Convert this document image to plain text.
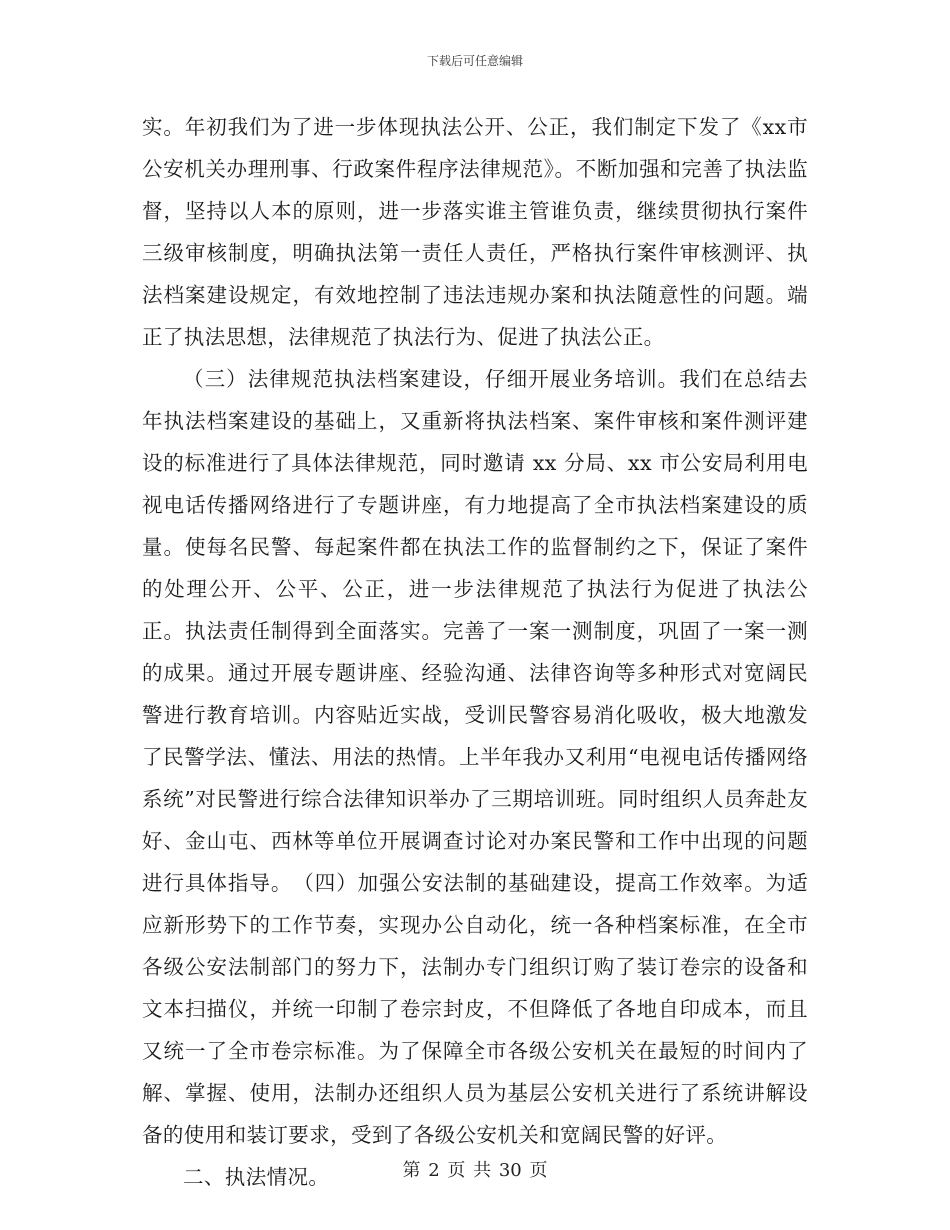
下载后可任意编辑

实。年初我们为了进一步体现执法公开、公正，我们制定下发了《xx市公安机关办理刑事、行政案件程序法律规范》。不断加强和完善了执法监督，坚持以人本的原则，进一步落实谁主管谁负责，继续贯彻执行案件三级审核制度，明确执法第一责任人责任，严格执行案件审核测评、执法档案建设规定，有效地控制了违法违规办案和执法随意性的问题。端正了执法思想，法律规范了执法行为、促进了执法公正。

（三）法律规范执法档案建设，仔细开展业务培训。我们在总结去年执法档案建设的基础上，又重新将执法档案、案件审核和案件测评建设的标准进行了具体法律规范，同时邀请 xx 分局、xx 市公安局利用电视电话传播网络进行了专题讲座，有力地提高了全市执法档案建设的质量。使每名民警、每起案件都在执法工作的监督制约之下，保证了案件的处理公开、公平、公正，进一步法律规范了执法行为促进了执法公正。执法责任制得到全面落实。完善了一案一测制度，巩固了一案一测的成果。通过开展专题讲座、经验沟通、法律咨询等多种形式对宽阔民警进行教育培训。内容贴近实战，受训民警容易消化吸收，极大地激发了民警学法、懂法、用法的热情。上半年我办又利用“电视电话传播网络系统”对民警进行综合法律知识举办了三期培训班。同时组织人员奔赴友好、金山屯、西林等单位开展调查讨论对办案民警和工作中出现的问题进行具体指导。　（四）加强公安法制的基础建设，提高工作效率。为适应新形势下的工作节奏，实现办公自动化，统一各种档案标准，在全市各级公安法制部门的努力下，法制办专门组织订购了装订卷宗的设备和文本扫描仪，并统一印制了卷宗封皮，不但降低了各地自印成本，而且又统一了全市卷宗标准。为了保障全市各级公安机关在最短的时间内了解、掌握、使用，法制办还组织人员为基层公安机关进行了系统讲解设备的使用和装订要求，受到了各级公安机关和宽阔民警的好评。

二、执法情况。	第 2 页 共 30 页
